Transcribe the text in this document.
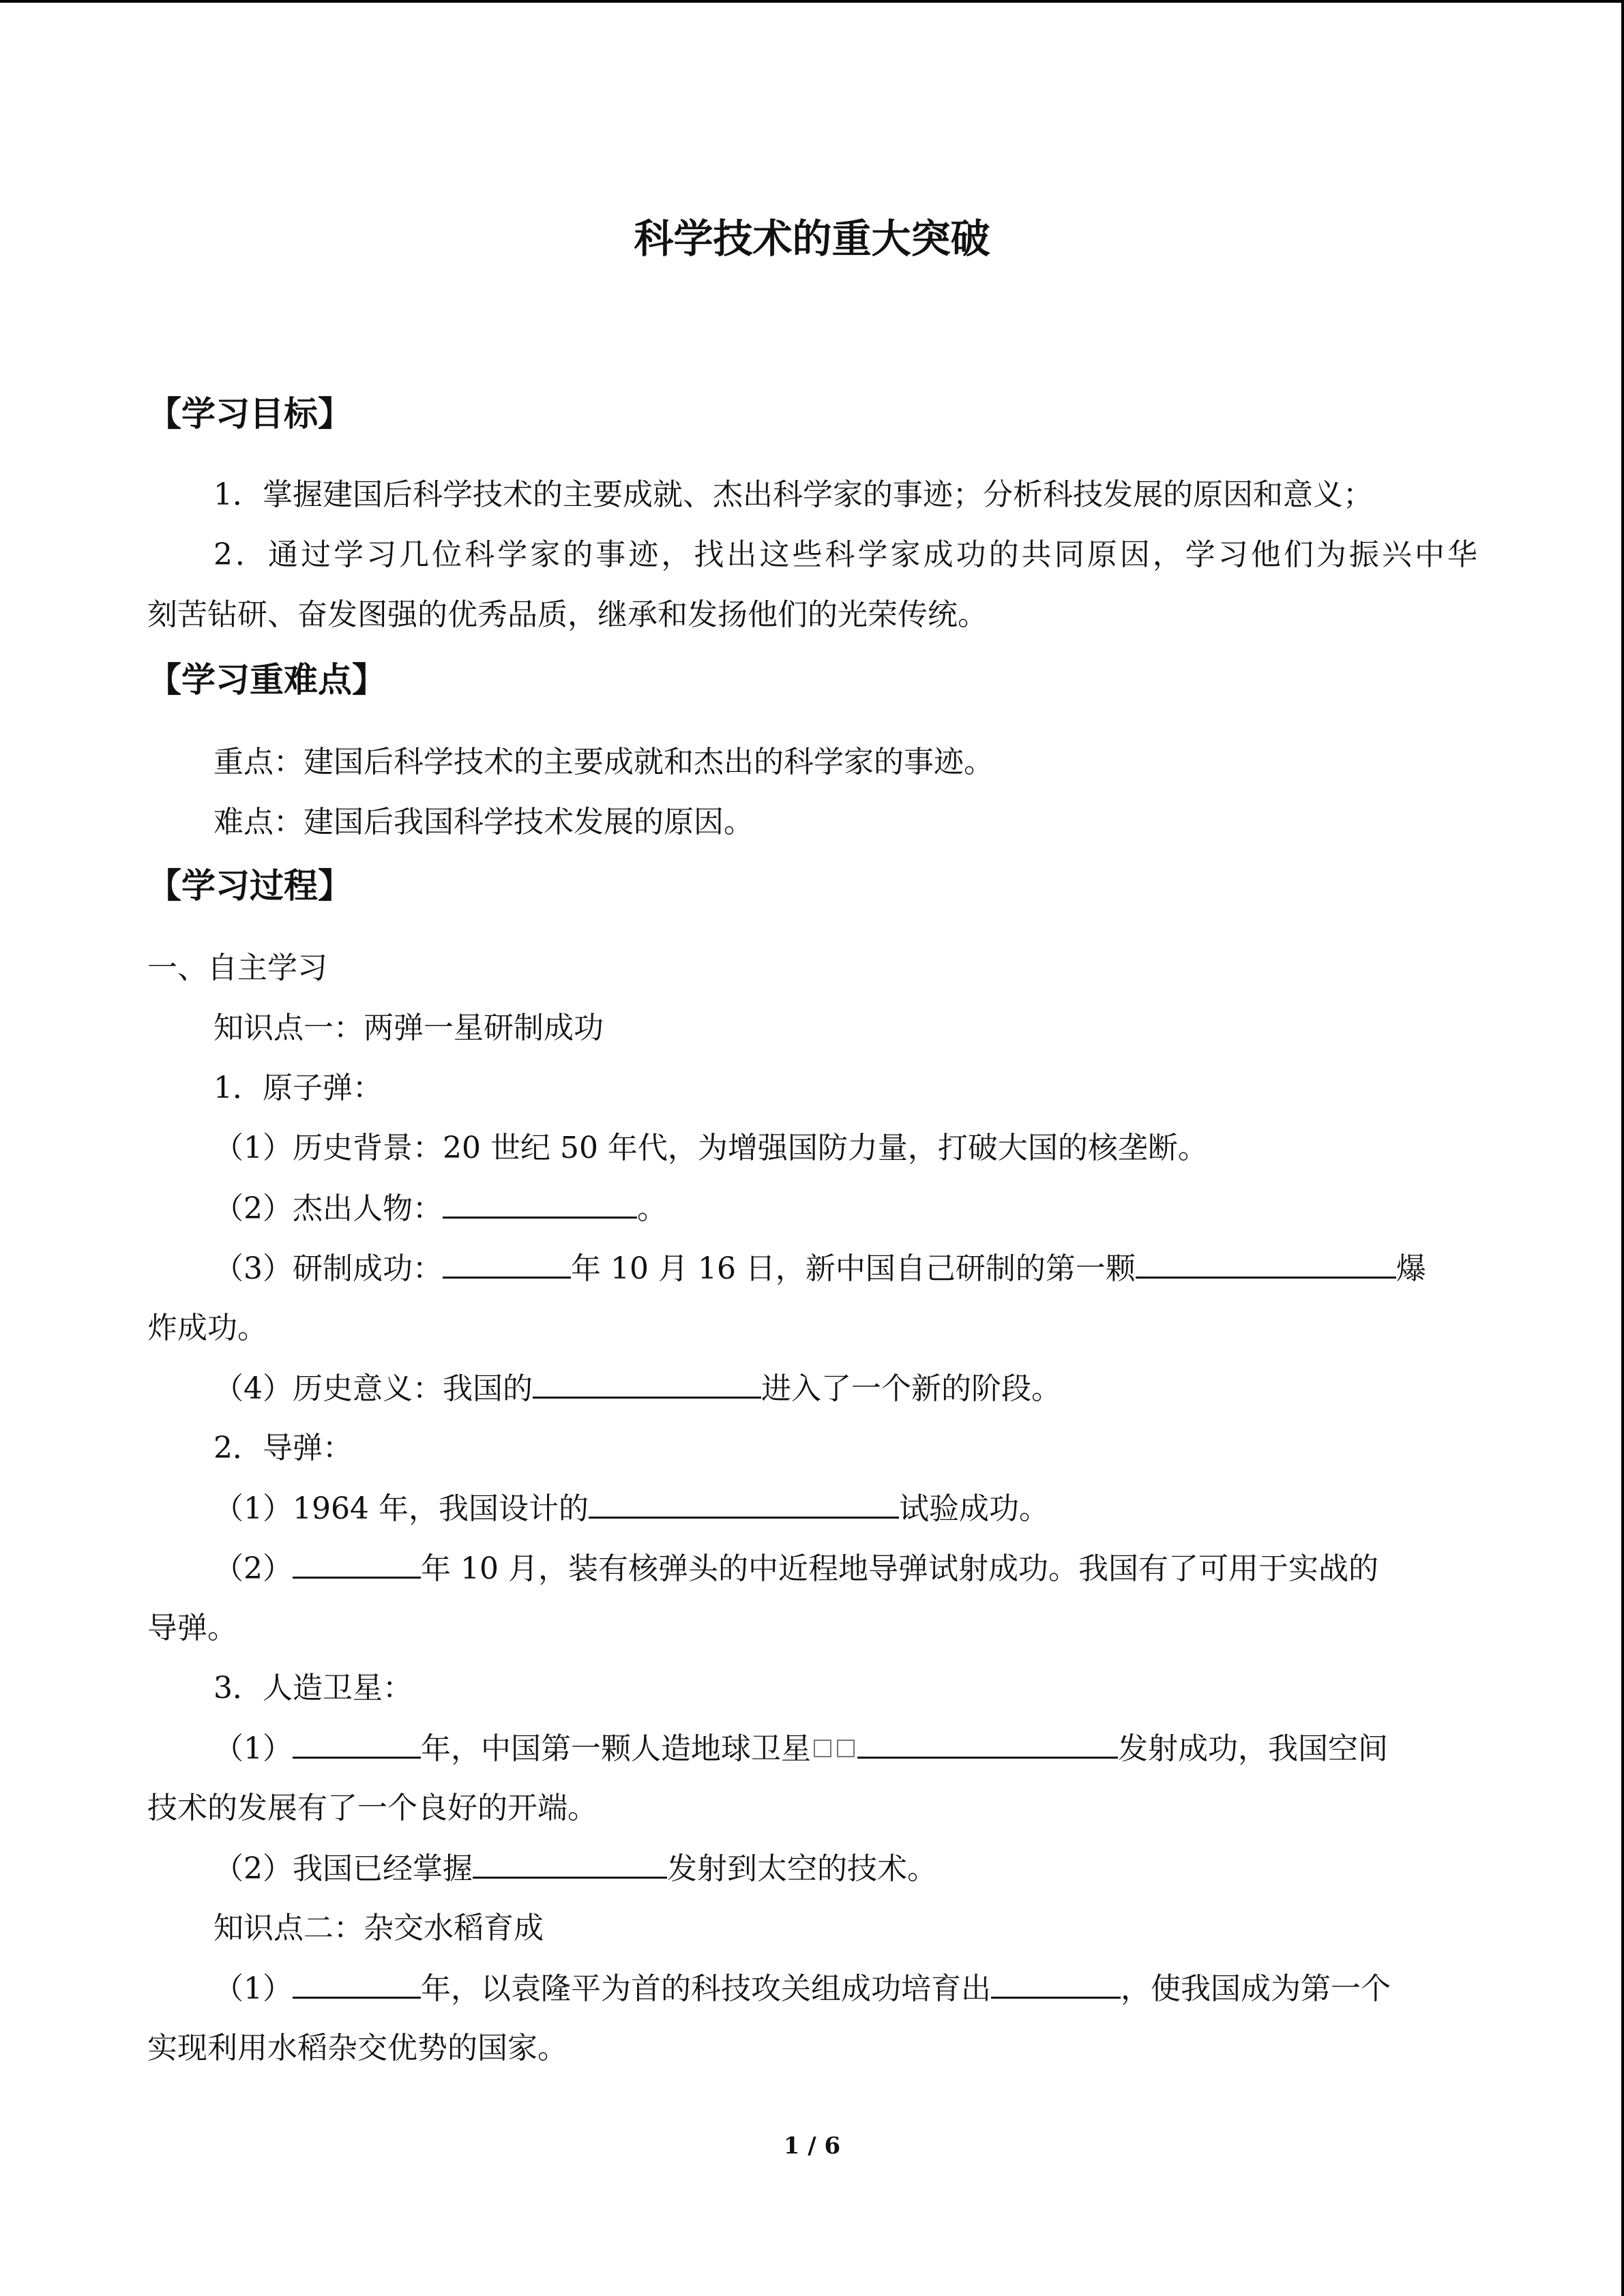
科学技术的重大突破
【学习目标】
1．掌握建国后科学技术的主要成就、杰出科学家的事迹；分析科技发展的原因和意义；
2．通过学习几位科学家的事迹，找出这些科学家成功的共同原因，学习他们为振兴中华
刻苦钻研、奋发图强的优秀品质，继承和发扬他们的光荣传统。
【学习重难点】
重点：建国后科学技术的主要成就和杰出的科学家的事迹。
难点：建国后我国科学技术发展的原因。
【学习过程】
一、自主学习
知识点一：两弹一星研制成功
1．原子弹：
（1）历史背景：20 世纪 50 年代，为增强国防力量，打破大国的核垄断。
（2）杰出人物：	。
（3）研制成功：	年 10 月 16 日，新中国自己研制的第一颗	爆
炸成功。
（4）历史意义：我国的	进入了一个新的阶段。
2．导弹：
（1）1964 年，我国设计的	试验成功。
（2）	年 10 月，装有核弹头的中近程地导弹试射成功。我国有了可用于实战的
导弹。
3．人造卫星：
（1）	年，中国第一颗人造地球卫星	发射成功，我国空间
技术的发展有了一个良好的开端。
（2）我国已经掌握	发射到太空的技术。
知识点二：杂交水稻育成
（1）	年，以袁隆平为首的科技攻关组成功培育出	，使我国成为第一个
实现利用水稻杂交优势的国家。
1 / 6
